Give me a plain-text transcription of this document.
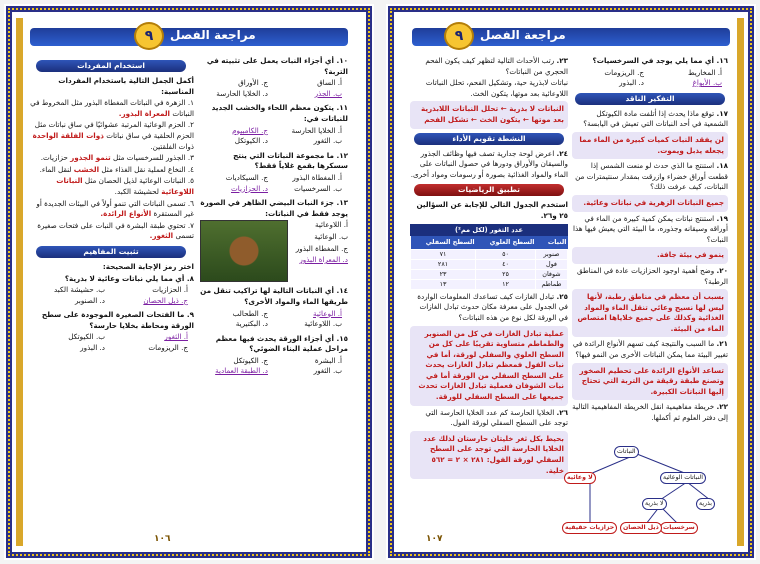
٩	مراجعة الفصل

١٠. أي أجزاء النبات يعمل على تثبيته في التربة؟

أ. الساق
ج. الأوراق
ب. الجذر
د. الخلايا الحارسة

١١. يتكون معظم اللحاء والخشب الجديد للنباتات في:

أ. الخلايا الحارسة
ج. الكامبيوم
ب. الثغور
د. الكيوتكل

١٢. ما مجموعة النباتات التي ينتج سسكرها بقمع غلاياً فقط؟

أ. المغطاة البذور
ج. السيكاديات
ب. السرخسيات
د. الحزازيات

١٣. جزء النبات البيضي الظاهر في الصورة يوجد فقط في النباتات:

أ. اللاوعائية

ب. الوعائية

ج. المغطاة البذور

د. المعراة البذور

١٤. أي النباتات التالية لها تراكيب تنقل من طريقها الماء والمواد الأخرى؟

أ. الوعائية
ج. الطحالب
ب. اللاوعائية
د. البكتيرية

١٥. أي أجزاء الورقة يحدث فيها معظم مراحل عملية البناء الضوئي؟

أ. البشرة
ج. الكيوتكل
ب. الثغور
د. الطبقة العمادية
استخدام المفردات

أكمل الجمل التالية باستخدام المفردات المناسبة:

١. الزهرة في النباتات المغطاة البذور مثل المخروط في النباتات المعراة البذور.

٢. الحزم الوعائية المرتبة عشوائيًا في ساق نباتات مثل الحزم الحلقية في ساق نباتات ذوات الفلقة الواحدة ذوات الفلقتين.

٣. الجذور للسرخسيات مثل تنمو الجذور حزازيات.

٤. النخاع لعملية نقل الغذاء مثل الخشب لنقل الماء.

٥. النباتات الوعائية لذيل الحصان مثل النباتات اللاوعائية لحشيشة الكبد.

٦. تسمى النباتات التي تنمو أولاً في البيئات الجديدة أو غير المستقرة الأنواع الرائدة.

٧. تحتوي طبقة البشرة في النبات على فتحات صغيرة تسمى الثغور.

تثبيت المفاهيم

اختر رمز الإجابة الصحيحة:

٨. أي مما يلي نباتات وعائية لا بذرية؟

أ. الحزازيات
ب. حشيشة الكبد
ج. ذيل الحصان
د. الصنوبر

٩. ما الفتحات الصغيرة الموجودة على سطح الورقة ومحاطة بخلايا حارسة؟

أ. الثغور
ب. الكيوتكل
ج. الريزومات
د. البذور
١٠٦
٩	مراجعة الفصل

١٦. أي مما يلي يوجد في السرخسيات؟

أ. المخاريط
ج. الريزومات
ب. الأبواغ
د. البذور
التفكير الناقد

١٧. توقع ماذا يحدث إذا أتلفت مادة الكيوتكل الشمعية في أحد النباتات التي تعيش في اليابسة؟

لن يفقد النبات كميات كبيرة من الماء مما يجعله يذبل ويموت.

١٨. استنتج ما الذي حدث لو منعت الشمس إذا قطعت أوراق خضراء وازرقت بمقدار سنتيمترات من النباتات، كيف عرفت ذلك؟

جميع النباتات الزهرية في نباتات وعائية.

١٩. استنتج نباتات يمكن كمية كبيرة من الماء في أوراقه وسيقانه وجذوره، ما البيئة التي يعيش فيها هذا النبات؟

ينمو في بيئة جافة.

٢٠. وضح أهمية اوجود الحزازيات عادة في المناطق الرطبة؟

بسبب أن معظم في مناطق رطبة، لأنها ليس لها نسيج وعائي تنقل الماء والمواد الغذائية وكذلك على جميع خلاياها امتصاص الماء من البيئة.

٢١. ما السبب والنتيجة كيف تسهم الأنواع الرائدة في تغيير البيئة مما يمكن النباتات الأخرى من النمو فيها؟

تساعد الأنواع الرائدة على تحطيم الصخور وتصنع طبقة رقيقة من التربة التي تحتاج إليها النباتات الكبيرة.

٢٢. خريطة مفاهيمية انقل الخريطة المفاهيمية التالية إلى دفتر العلوم ثم أكملها.

٢٣. رتب الأحداث التالية لتظهر كيف يكون الفحم الحجري من النباتات؟

نباتات لابذرية حية، وتشكيل الفحم، تحلل النباتات اللاوعائية بعد موتها، يتكون الخث.

النباتات لا بذرية ← تحلل النباتات اللابذرية بعد موتها ← يتكون الخث ← تشكل الفحم
النشطة تقويم الأداء

٢٤. اعرض لوحة جدارية تصف فيها وظائف الجذور والسيقان والأوراق ودورها في حصول النباتات على الماء والمواد الغذائية بصورة أو رسومات ومواد أخرى.

تطبيق الرياضيات

استخدم الجدول التالي للإجابة عن السؤالين ٢٥ و٢٦.

عدد الثغور (لكل مم²)
النبات	السطح العلوي	السطح السفلي
صنوبر	٥٠	٧١
فول	٤٠	٢٨١
شوفان	٢٥	٢٣
طماطم	١٢	١٣

٢٥. تبادل الغازات كيف تساعدك المعلومات الواردة في الجدول على معرفة مكان حدوث تبادل الغازات في الورقة لكل نوع من هذه النباتات؟

عملية تبادل الغازات في كل من الصنوبر والطماطم متساوية تقريبًا على كل من السطح العلوي والسفلي لورقة، أما في نبات الفول فمعظم تبادل الغازات يحدث على السطح السفلي من الورقة أما في نبات الشوفان فعملية تبادل الغازات تحدث جميعها على السطح السفلي للورقة.

٢٦. الخلايا الحارسة كم عدد الخلايا الحارسة التي توجد على السطح السفلي لورقة الفول.

بحيط بكل ثغر خليتان حارستان لذلك عدد الخلايا الحارسة التي توجد على السطح السفلي لورقة الفول: ٢٨١ × ٢ = ٥٦٢ خلية.
النباتات
النباتات الوعائية
لا وعائية
لا بذرية	بذرية
سرخسيات
ذيل الحصان
حزازيات حقيقية
١٠٧
